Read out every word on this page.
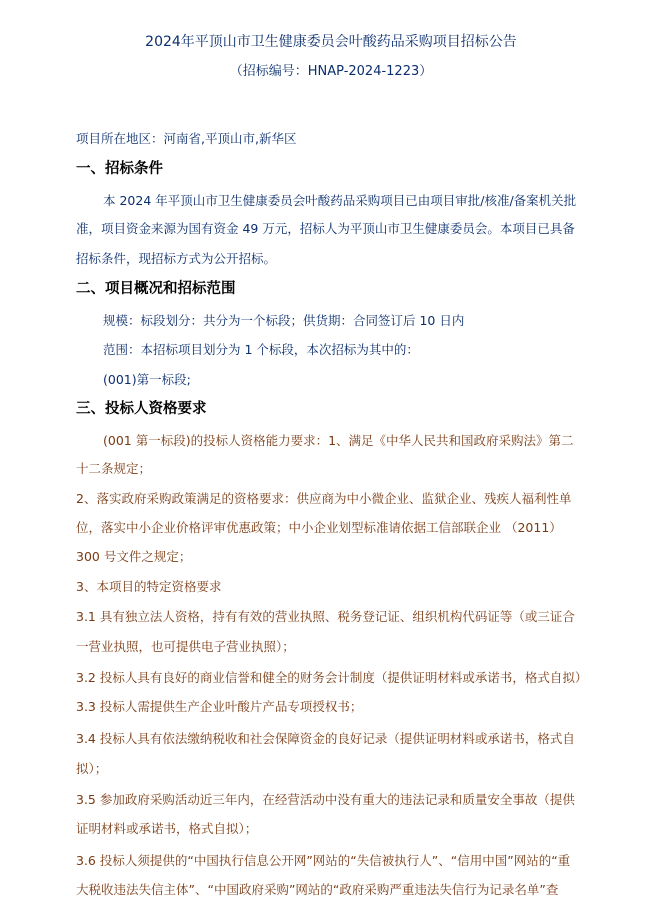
2024年平顶山市卫生健康委员会叶酸药品采购项目招标公告
（招标编号：HNAP-2024-1223）
项目所在地区：河南省,平顶山市,新华区
一、招标条件
本 2024 年平顶山市卫生健康委员会叶酸药品采购项目已由项目审批/核准/备案机关批
准，项目资金来源为国有资金 49 万元，招标人为平顶山市卫生健康委员会。本项目已具备
招标条件，现招标方式为公开招标。
二、项目概况和招标范围
规模：标段划分：共分为一个标段；供货期：合同签订后 10 日内
范围：本招标项目划分为 1 个标段，本次招标为其中的：
(001)第一标段;
三、投标人资格要求
(001 第一标段)的投标人资格能力要求：1、满足《中华人民共和国政府采购法》第二
十二条规定；
2、落实政府采购政策满足的资格要求：供应商为中小微企业、监狱企业、残疾人福利性单
位，落实中小企业价格评审优惠政策；中小企业划型标准请依据工信部联企业 （2011）
300 号文件之规定；
3、本项目的特定资格要求
3.1 具有独立法人资格，持有有效的营业执照、税务登记证、组织机构代码证等（或三证合
一营业执照，也可提供电子营业执照）；
3.2 投标人具有良好的商业信誉和健全的财务会计制度（提供证明材料或承诺书，格式自拟）
3.3 投标人需提供生产企业叶酸片产品专项授权书；
3.4 投标人具有依法缴纳税收和社会保障资金的良好记录（提供证明材料或承诺书，格式自
拟）；
3.5 参加政府采购活动近三年内，在经营活动中没有重大的违法记录和质量安全事故（提供
证明材料或承诺书，格式自拟）；
3.6 投标人须提供的“中国执行信息公开网”网站的“失信被执行人”、“信用中国”网站的“重
大税收违法失信主体”、“中国政府采购”网站的“政府采购严重违法失信行为记录名单”查
